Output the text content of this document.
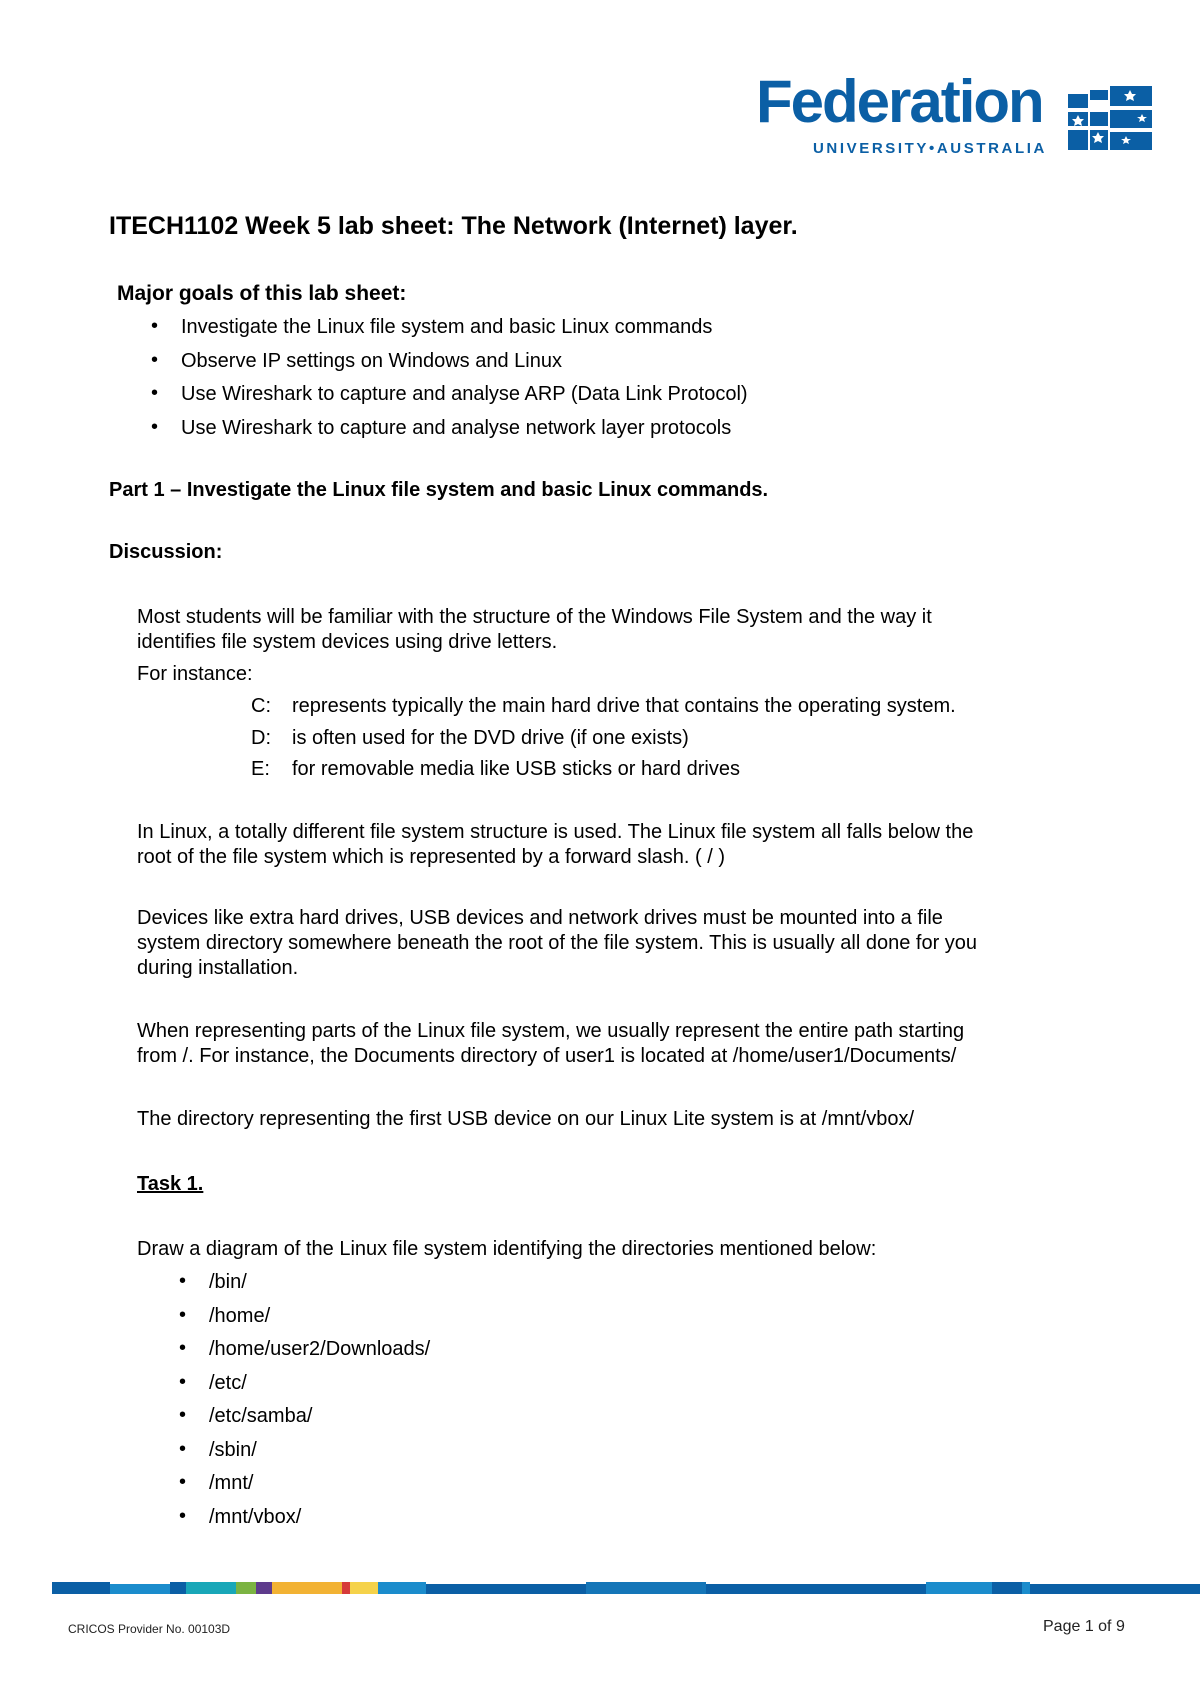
Federation
UNIVERSITY•AUSTRALIA
ITECH1102 Week 5 lab sheet: The Network (Internet) layer.
Major goals of this lab sheet:
• Investigate the Linux file system and basic Linux commands
• Observe IP settings on Windows and Linux
• Use Wireshark to capture and analyse ARP (Data Link Protocol)
• Use Wireshark to capture and analyse network layer protocols
Part 1 – Investigate the Linux file system and basic Linux commands.
Discussion:
Most students will be familiar with the structure of the Windows File System and the way it
identifies file system devices using drive letters.
For instance:
C: represents typically the main hard drive that contains the operating system.
D: is often used for the DVD drive (if one exists)
E: for removable media like USB sticks or hard drives
In Linux, a totally different file system structure is used. The Linux file system all falls below the
root of the file system which is represented by a forward slash. ( / )
Devices like extra hard drives, USB devices and network drives must be mounted into a file
system directory somewhere beneath the root of the file system. This is usually all done for you
during installation.
When representing parts of the Linux file system, we usually represent the entire path starting
from /. For instance, the Documents directory of user1 is located at /home/user1/Documents/
The directory representing the first USB device on our Linux Lite system is at /mnt/vbox/
Task 1.
Draw a diagram of the Linux file system identifying the directories mentioned below:
• /bin/
• /home/
• /home/user2/Downloads/
• /etc/
• /etc/samba/
• /sbin/
• /mnt/
• /mnt/vbox/
CRICOS Provider No. 00103D	Page 1 of 9
